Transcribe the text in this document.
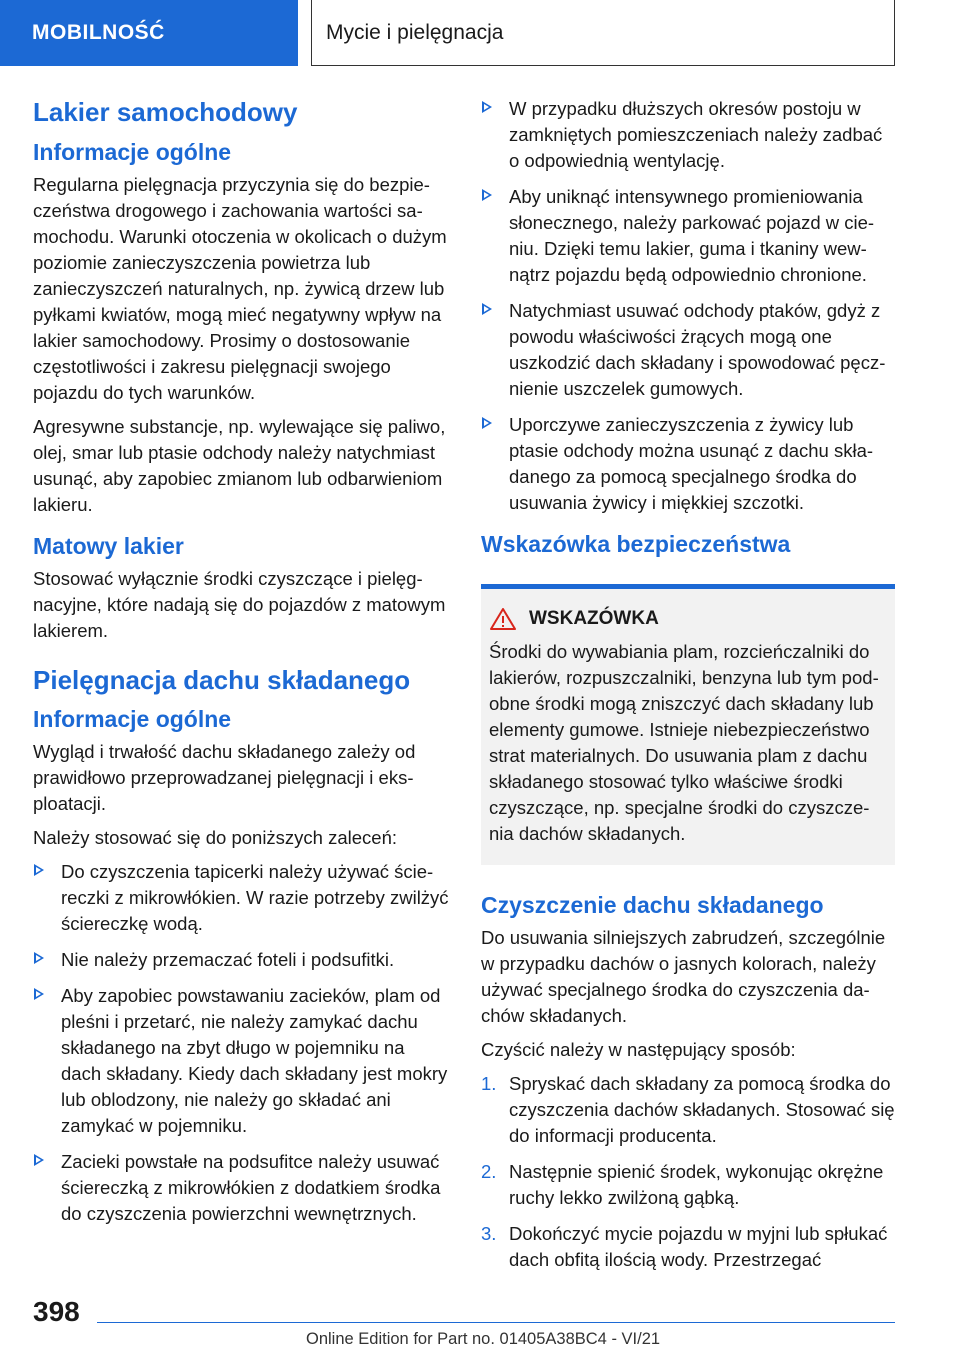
MOBILNOŚĆ	Mycie i pielęgnacja
Lakier samochodowy
Informacje ogólne

Regularna pielęgnacja przyczynia się do bezpieczeństwa drogowego i zachowania wartości samochodu. Warunki otoczenia w okolicach o dużym poziomie zanieczyszczenia powietrza lub zanieczyszczeń naturalnych, np. żywicą drzew lub pyłkami kwiatów, mogą mieć negatywny wpływ na lakier samochodowy. Prosimy o dostosowanie częstotliwości i zakresu pielęgnacji swojego pojazdu do tych warunków.

Agresywne substancje, np. wylewające się paliwo, olej, smar lub ptasie odchody należy natychmiast usunąć, aby zapobiec zmianom lub odbarwieniom lakieru.

Matowy lakier

Stosować wyłącznie środki czyszczące i pielęgnacyjne, które nadają się do pojazdów z matowym lakierem.

Pielęgnacja dachu składanego
Informacje ogólne

Wygląd i trwałość dachu składanego zależy od prawidłowo przeprowadzanej pielęgnacji i eksploatacji.

Należy stosować się do poniższych zaleceń:

Do czyszczenia tapicerki należy używać ściereczki z mikrowłókien. W razie potrzeby zwilżyć ściereczkę wodą.
Nie należy przemaczać foteli i podsufitki.
Aby zapobiec powstawaniu zacieków, plam od pleśni i przetarć, nie należy zamykać dachu składanego na zbyt długo w pojemniku na dach składany. Kiedy dach składany jest mokry lub oblodzony, nie należy go składać ani zamykać w pojemniku.
Zacieki powstałe na podsufitce należy usuwać ściereczką z mikrowłókien z dodatkiem środka do czyszczenia powierzchni wewnętrznych.
W przypadku dłuższych okresów postoju w zamkniętych pomieszczeniach należy zadbać o odpowiednią wentylację.
Aby uniknąć intensywnego promieniowania słonecznego, należy parkować pojazd w cieniu. Dzięki temu lakier, guma i tkaniny wewnątrz pojazdu będą odpowiednio chronione.
Natychmiast usuwać odchody ptaków, gdyż z powodu właściwości żrących mogą one uszkodzić dach składany i spowodować pęcznienie uszczelek gumowych.
Uporczywe zanieczyszczenia z żywicy lub ptasie odchody można usunąć z dachu składanego za pomocą specjalnego środka do usuwania żywicy i miękkiej szczotki.
Wskazówka bezpieczeństwa
WSKAZÓWKA

Środki do wywabiania plam, rozcieńczalniki do lakierów, rozpuszczalniki, benzyna lub tym podobne środki mogą zniszczyć dach składany lub elementy gumowe. Istnieje niebezpieczeństwo strat materialnych. Do usuwania plam z dachu składanego stosować tylko właściwe środki czyszczące, np. specjalne środki do czyszczenia dachów składanych.

Czyszczenie dachu składanego

Do usuwania silniejszych zabrudzeń, szczególnie w przypadku dachów o jasnych kolorach, należy używać specjalnego środka do czyszczenia dachów składanych.

Czyścić należy w następujący sposób:

1. Spryskać dach składany za pomocą środka do czyszczenia dachów składanych. Stosować się do informacji producenta.
2. Następnie spienić środek, wykonując okrężne ruchy lekko zwilżoną gąbką.
3. Dokończyć mycie pojazdu w myjni lub spłukać dach obfitą ilością wody. Przestrzegać
398
Online Edition for Part no. 01405A38BC4 - VI/21
